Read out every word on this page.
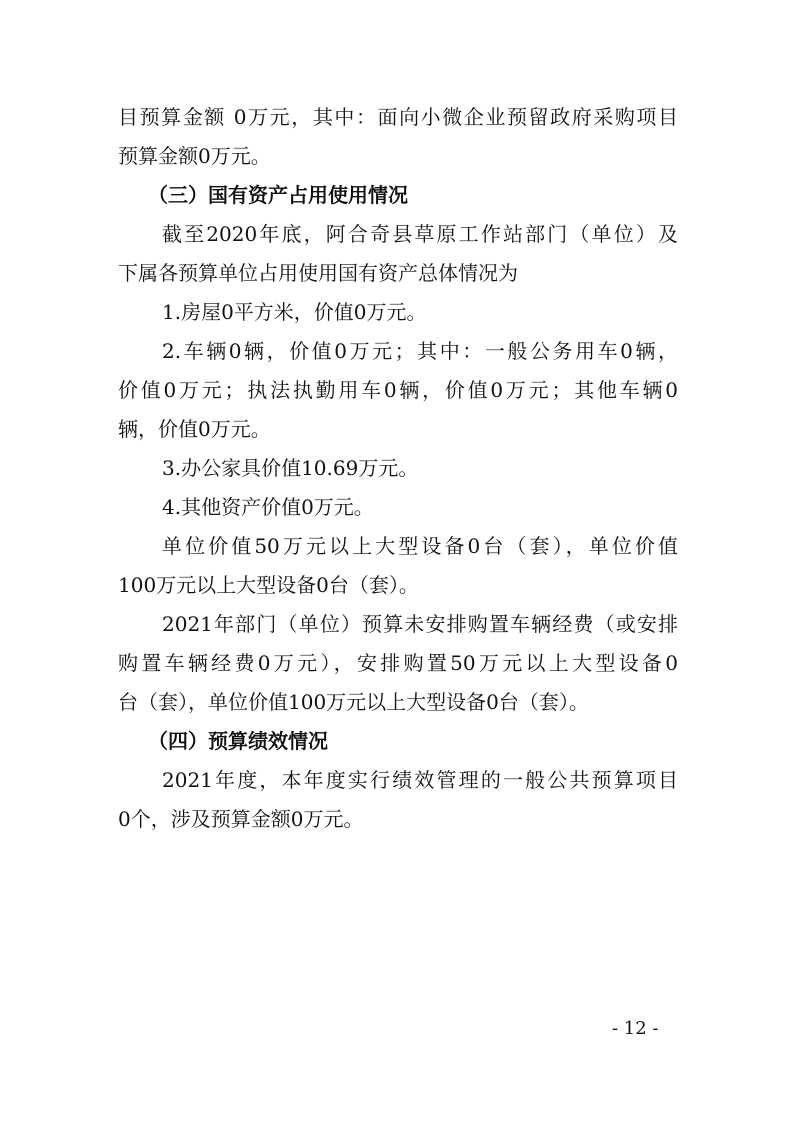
目预算金额 0万元，其中：面向小微企业预留政府采购项目
预算金额0万元。
（三）国有资产占用使用情况
截至2020年底，阿合奇县草原工作站部门（单位）及
下属各预算单位占用使用国有资产总体情况为
1.房屋0平方米，价值0万元。
2.车辆0辆，价值0万元；其中：一般公务用车0辆，
价值0万元；执法执勤用车0辆，价值0万元；其他车辆0
辆，价值0万元。
3.办公家具价值10.69万元。
4.其他资产价值0万元。
单位价值50万元以上大型设备0台（套），单位价值
100万元以上大型设备0台（套）。
2021年部门（单位）预算未安排购置车辆经费（或安排
购置车辆经费0万元），安排购置50万元以上大型设备0
台（套），单位价值100万元以上大型设备0台（套）。
（四）预算绩效情况
2021年度，本年度实行绩效管理的一般公共预算项目
0个，涉及预算金额0万元。
- 12 -
